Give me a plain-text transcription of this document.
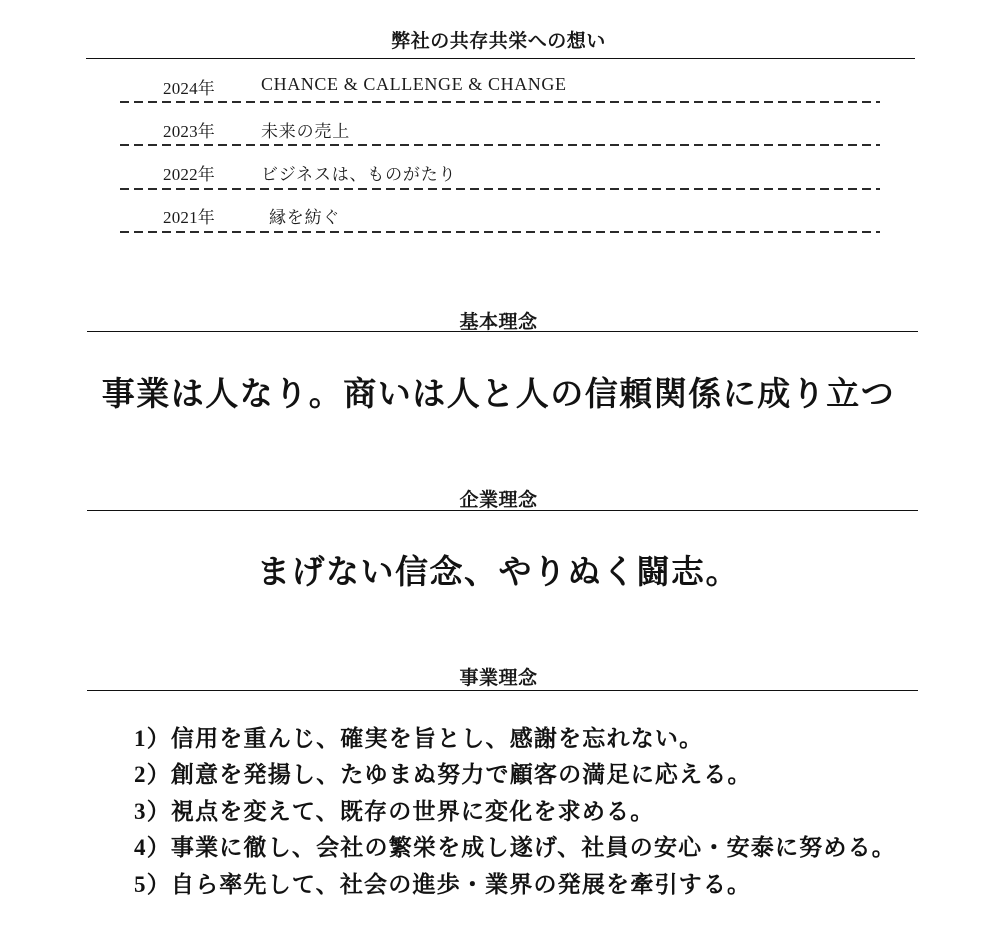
弊社の共存共栄への想い
2024年	CHANCE & CALLENGE & CHANGE
2023年	未来の売上
2022年	ビジネスは、ものがたり
2021年	縁を紡ぐ
基本理念
事業は人なり。商いは人と人の信頼関係に成り立つ
企業理念
まげない信念、やりぬく闘志。
事業理念
1）信用を重んじ、確実を旨とし、感謝を忘れない。
2）創意を発揚し、たゆまぬ努力で顧客の満足に応える。
3）視点を変えて、既存の世界に変化を求める。
4）事業に徹し、会社の繁栄を成し遂げ、社員の安心・安泰に努める。
5）自ら率先して、社会の進歩・業界の発展を牽引する。
